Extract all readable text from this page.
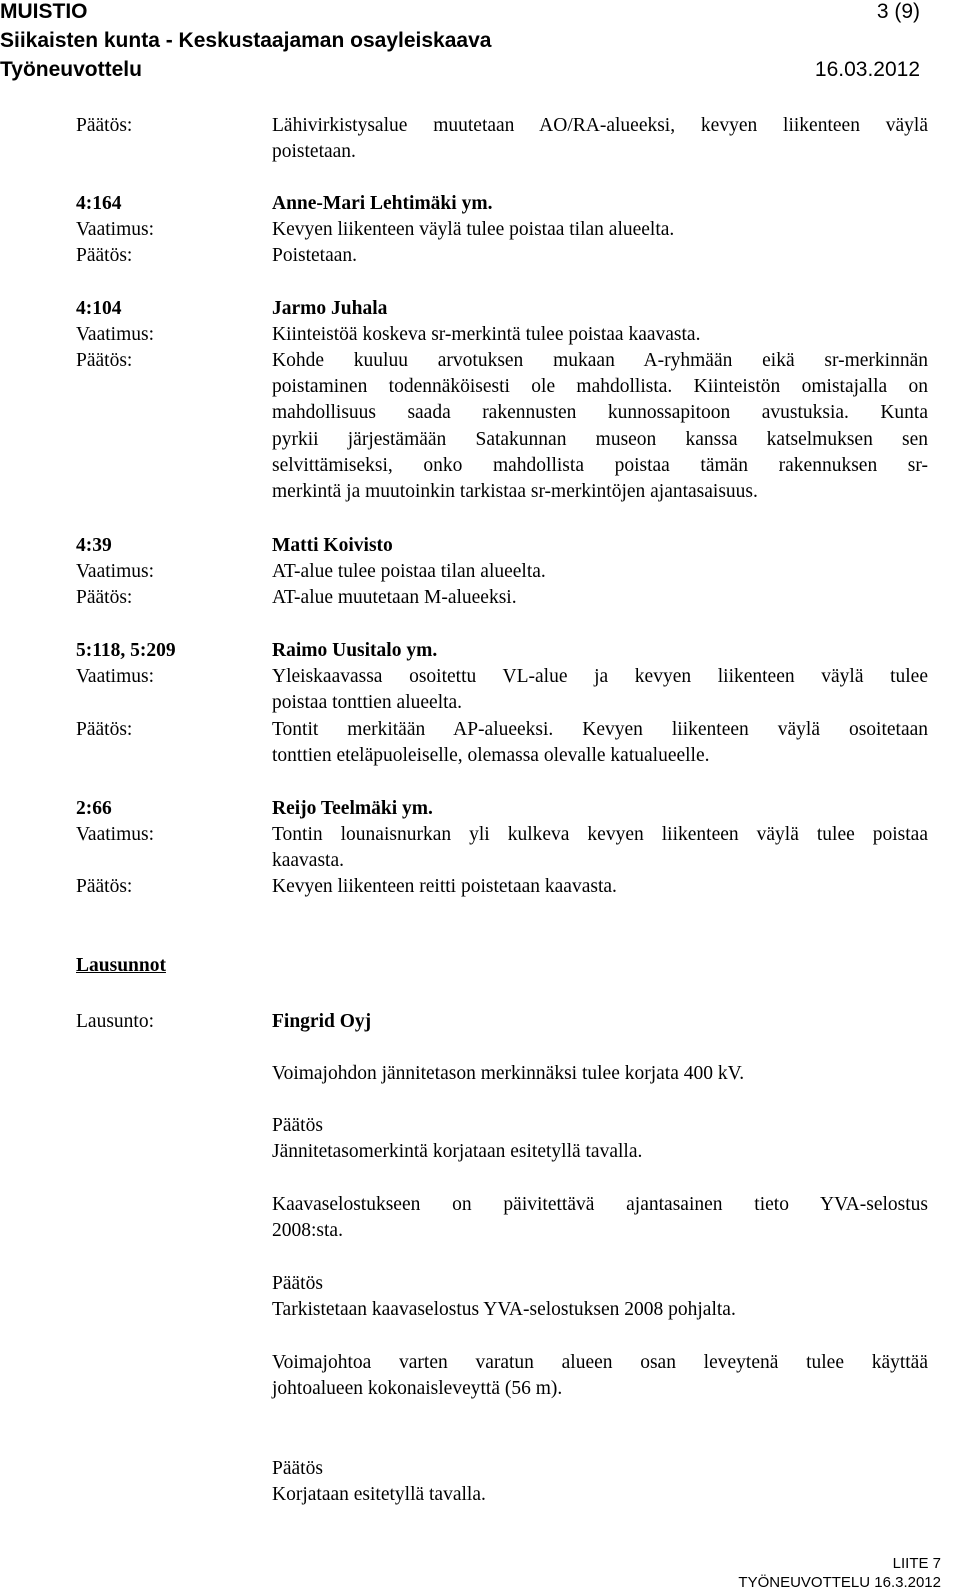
MUISTIO	3 (9)
Siikaisten kunta - Keskustaajaman osayleiskaava
Työneuvottelu	16.03.2012
Päätös:	Lähivirkistysalue muutetaan AO/RA-alueeksi, kevyen liikenteen väylä
poistetaan.
4:164	Anne-Mari Lehtimäki ym.
Vaatimus:	Kevyen liikenteen väylä tulee poistaa tilan alueelta.
Päätös:	Poistetaan.
4:104	Jarmo Juhala
Vaatimus:	Kiinteistöä koskeva sr-merkintä tulee poistaa kaavasta.
Päätös:	Kohde kuuluu arvotuksen mukaan A-ryhmään eikä sr-merkinnän
poistaminen todennäköisesti ole mahdollista. Kiinteistön omistajalla on
mahdollisuus saada rakennusten kunnossapitoon avustuksia. Kunta
pyrkii järjestämään Satakunnan museon kanssa katselmuksen sen
selvittämiseksi, onko mahdollista poistaa tämän rakennuksen sr-
merkintä ja muutoinkin tarkistaa sr-merkintöjen ajantasaisuus.
4:39	Matti Koivisto
Vaatimus:	AT-alue tulee poistaa tilan alueelta.
Päätös:	AT-alue muutetaan M-alueeksi.
5:118, 5:209	Raimo Uusitalo ym.
Vaatimus:	Yleiskaavassa osoitettu VL-alue ja kevyen liikenteen väylä tulee
poistaa tonttien alueelta.
Päätös:	Tontit merkitään AP-alueeksi. Kevyen liikenteen väylä osoitetaan
tonttien eteläpuoleiselle, olemassa olevalle katualueelle.
2:66	Reijo Teelmäki ym.
Vaatimus:	Tontin lounaisnurkan yli kulkeva kevyen liikenteen väylä tulee poistaa
kaavasta.
Päätös:	Kevyen liikenteen reitti poistetaan kaavasta.
Lausunnot
Lausunto:	Fingrid Oyj
Voimajohdon jännitetason merkinnäksi tulee korjata 400 kV.
Päätös
Jännitetasomerkintä korjataan esitetyllä tavalla.
Kaavaselostukseen on päivitettävä ajantasainen tieto YVA-selostus
2008:sta.
Päätös
Tarkistetaan kaavaselostus YVA-selostuksen 2008 pohjalta.
Voimajohtoa varten varatun alueen osan leveytenä tulee käyttää
johtoalueen kokonaisleveyttä (56 m).
Päätös
Korjataan esitetyllä tavalla.
LIITE 7
TYÖNEUVOTTELU 16.3.2012
